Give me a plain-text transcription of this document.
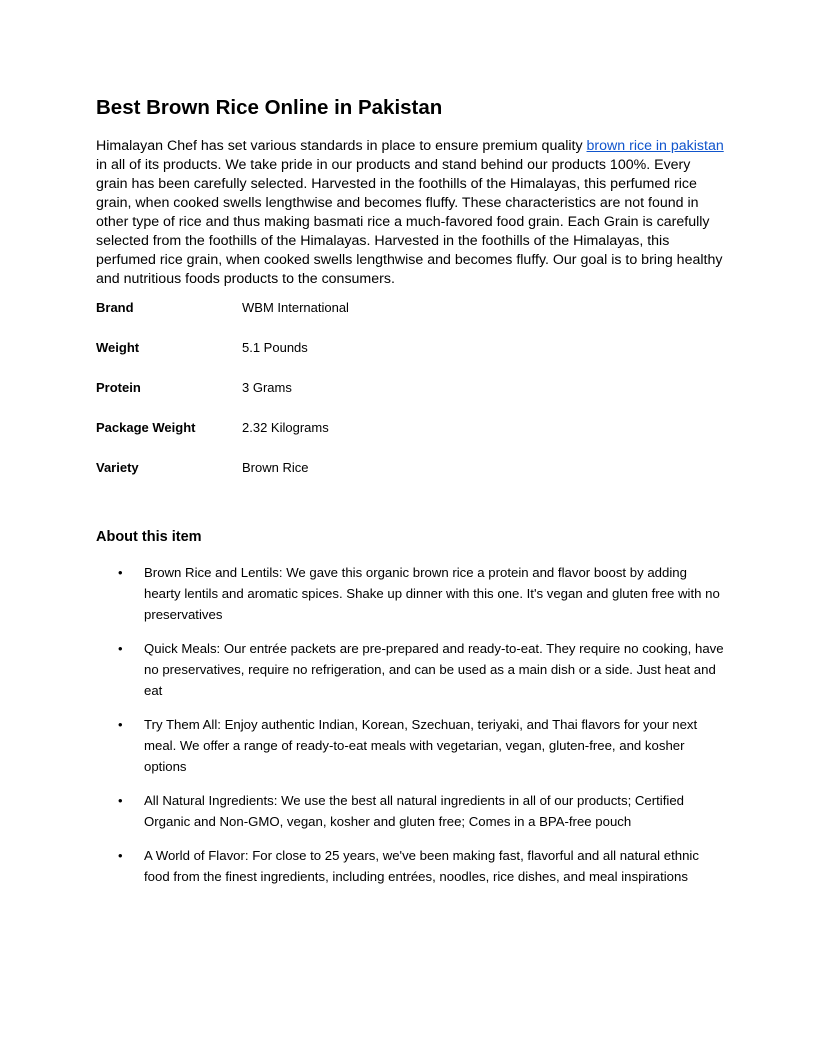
Best Brown Rice Online in Pakistan

Himalayan Chef has set various standards in place to ensure premium quality brown rice in pakistan in all of its products. We take pride in our products and stand behind our products 100%. Every grain has been carefully selected. Harvested in the foothills of the Himalayas, this perfumed rice grain, when cooked swells lengthwise and becomes fluffy. These characteristics are not found in other type of rice and thus making basmati rice a much-favored food grain. Each Grain is carefully selected from the foothills of the Himalayas. Harvested in the foothills of the Himalayas, this perfumed rice grain, when cooked swells lengthwise and becomes fluffy. Our goal is to bring healthy and nutritious foods products to the consumers.

Brand	WBM International
Weight	5.1 Pounds
Protein	3 Grams
Package Weight	2.32 Kilograms
Variety	Brown Rice
About this item
•	Brown Rice and Lentils: We gave this organic brown rice a protein and flavor boost by adding hearty lentils and aromatic spices. Shake up dinner with this one. It's vegan and gluten free with no preservatives
•	Quick Meals: Our entrée packets are pre-prepared and ready-to-eat. They require no cooking, have no preservatives, require no refrigeration, and can be used as a main dish or a side. Just heat and eat
•	Try Them All: Enjoy authentic Indian, Korean, Szechuan, teriyaki, and Thai flavors for your next meal. We offer a range of ready-to-eat meals with vegetarian, vegan, gluten-free, and kosher options
•	All Natural Ingredients: We use the best all natural ingredients in all of our products; Certified Organic and Non-GMO, vegan, kosher and gluten free; Comes in a BPA-free pouch
•	A World of Flavor: For close to 25 years, we've been making fast, flavorful and all natural ethnic food from the finest ingredients, including entrées, noodles, rice dishes, and meal inspirations
